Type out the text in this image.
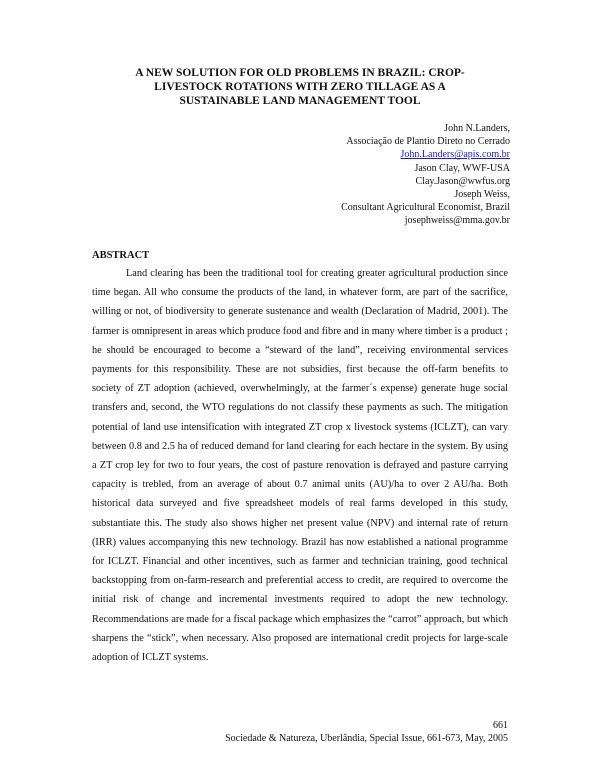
A NEW SOLUTION FOR OLD PROBLEMS IN BRAZIL: CROP-
LIVESTOCK ROTATIONS WITH ZERO TILLAGE AS A
SUSTAINABLE LAND MANAGEMENT TOOL
John N.Landers,
Associação de Plantio Direto no Cerrado
John.Landers@apis.com.br
Jason Clay, WWF-USA
Clay.Jason@wwfus.org
Joseph Weiss,
Consultant Agricultural Economist, Brazil
josephweiss@mma.gov.br
ABSTRACT

Land clearing has been the traditional tool for creating greater agricultural production since time began. All who consume the products of the land, in whatever form, are part of the sacrifice, willing or not, of biodiversity to generate sustenance and wealth (Declaration of Madrid, 2001). The farmer is omnipresent in areas which produce food and fibre and in many where timber is a product ; he should be encouraged to become a “steward of the land”, receiving environmental services payments for this responsibility. These are not subsidies, first because the off-farm benefits to society of ZT adoption (achieved, overwhelmingly, at the farmer´s expense) generate huge social transfers and, second, the WTO regulations do not classify these payments as such. The mitigation potential of land use intensification with integrated ZT crop x livestock systems (ICLZT), can vary between 0.8 and 2.5 ha of reduced demand for land clearing for each hectare in the system. By using a ZT crop ley for two to four years, the cost of pasture renovation is defrayed and pasture carrying capacity is trebled, from an average of about 0.7 animal units (AU)/ha to over 2 AU/ha. Both historical data surveyed and five spreadsheet models of real farms developed in this study, substantiate this. The study also shows higher net present value (NPV) and internal rate of return (IRR) values accompanying this new technology. Brazil has now established a national programme for ICLZT. Financial and other incentives, such as farmer and technician training, good technical backstopping from on-farm-research and preferential access to credit, are required to overcome the initial risk of change and incremental investments required to adopt the new technology. Recommendations are made for a fiscal package which emphasizes the “carrot” approach, but which sharpens the “stick”, when necessary. Also proposed are international credit projects for large-scale adoption of ICLZT systems.

661
Sociedade & Natureza, Uberlândia, Special Issue, 661-673, May, 2005
